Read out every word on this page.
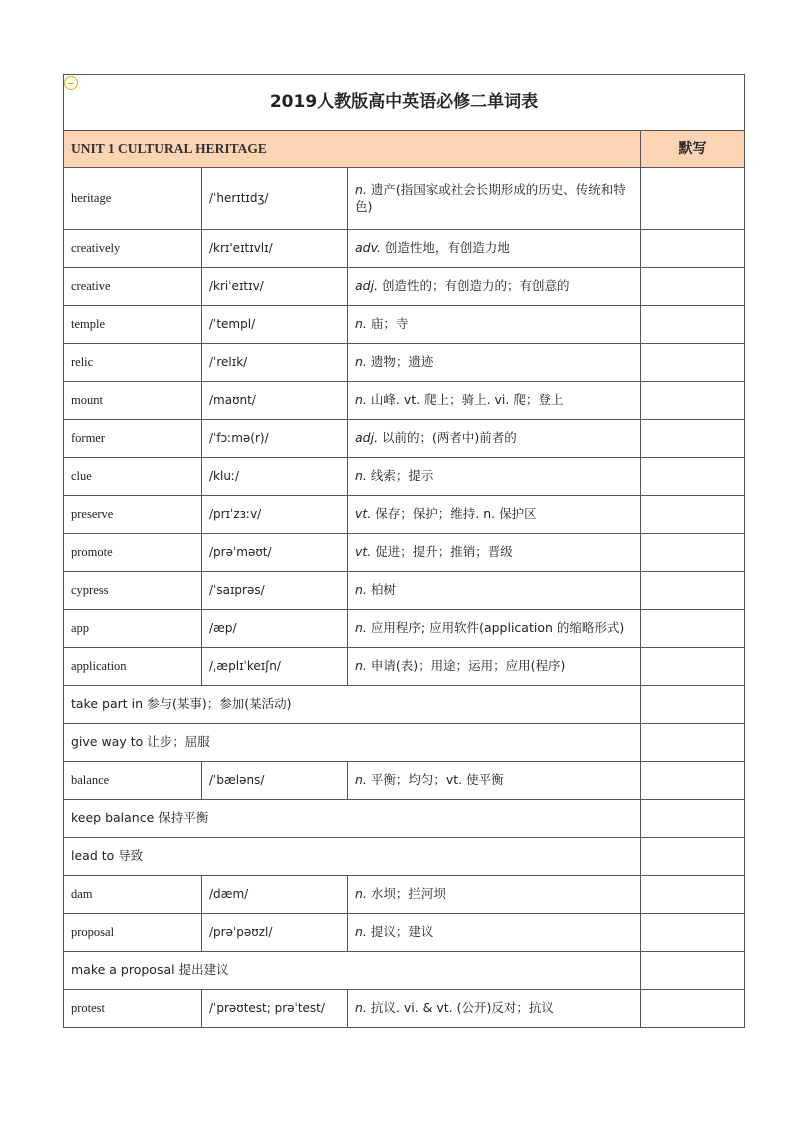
2019人教版高中英语必修二单词表			
UNIT 1 CULTURAL HERITAGE			默写
heritage	/ˈherɪtɪdʒ/	n. 遗产(指国家或社会长期形成的历史、传统和特色)	
creatively	/krɪ'eɪtɪvlɪ/	adv. 创造性地，有创造力地	
creative	/kriˈeɪtɪv/	adj. 创造性的；有创造力的；有创意的	
temple	/ˈtempl/	n. 庙；寺	
relic	/ˈrelɪk/	n. 遗物；遗迹	
mount	/maʊnt/	n. 山峰. vt. 爬上；骑上. vi. 爬；登上	
former	/ˈfɔːmə(r)/	adj. 以前的；(两者中)前者的	
clue	/kluː/	n. 线索；提示	
preserve	/prɪˈzɜːv/	vt. 保存；保护；维持. n. 保护区	
promote	/prəˈməʊt/	vt. 促进；提升；推销；晋级	
cypress	/ˈsaɪprəs/	n. 柏树	
app	/æp/	n. 应用程序; 应用软件(application 的缩略形式)	
application	/ˌæplɪˈkeɪʃn/	n. 申请(表)；用途；运用；应用(程序)	
take part in 参与(某事)；参加(某活动)			
give way to 让步；屈服			
balance	/ˈbæləns/	n. 平衡；均匀；vt. 使平衡	
keep balance 保持平衡			
lead to 导致			
dam	/dæm/	n. 水坝；拦河坝	
proposal	/prəˈpəʊzl/	n. 提议；建议	
make a proposal 提出建议			
protest	/ˈprəʊtest; prəˈtest/	n. 抗议. vi. & vt. (公开)反对；抗议	
